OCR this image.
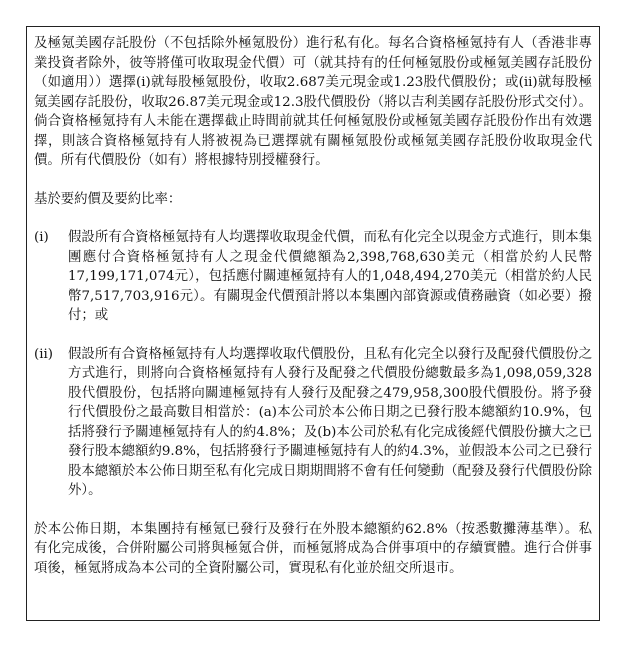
及極氪美國存託股份（不包括除外極氪股份）進行私有化。每名合資格極氪持有人（香港非專業投資者除外，彼等將僅可收取現金代價）可（就其持有的任何極氪股份或極氪美國存託股份（如適用））選擇(i)就每股極氪股份，收取2.687美元現金或1.23股代價股份；或(ii)就每股極氪美國存託股份，收取26.87美元現金或12.3股代價股份（將以吉利美國存託股份形式交付）。倘合資格極氪持有人未能在選擇截止時間前就其任何極氪股份或極氪美國存託股份作出有效選擇，則該合資格極氪持有人將被視為已選擇就有關極氪股份或極氪美國存託股份收取現金代價。所有代價股份（如有）將根據特別授權發行。

基於要約價及要約比率：

(i)	假設所有合資格極氪持有人均選擇收取現金代價，而私有化完全以現金方式進行，則本集團應付合資格極氪持有人之現金代價總額為2,398,768,630美元（相當於約人民幣17,199,171,074元），包括應付關連極氪持有人的1,048,494,270美元（相當於約人民幣7,517,703,916元）。有關現金代價預計將以本集團內部資源或債務融資（如必要）撥付；或
(ii)	假設所有合資格極氪持有人均選擇收取代價股份，且私有化完全以發行及配發代價股份之方式進行，則將向合資格極氪持有人發行及配發之代價股份總數最多為1,098,059,328股代價股份，包括將向關連極氪持有人發行及配發之479,958,300股代價股份。將予發行代價股份之最高數目相當於：(a)本公司於本公佈日期之已發行股本總額約10.9%，包括將發行予關連極氪持有人的約4.8%；及(b)本公司於私有化完成後經代價股份擴大之已發行股本總額約9.8%，包括將發行予關連極氪持有人的約4.3%，並假設本公司之已發行股本總額於本公佈日期至私有化完成日期期間將不會有任何變動（配發及發行代價股份除外）。

於本公佈日期，本集團持有極氪已發行及發行在外股本總額約62.8%（按悉數攤薄基準）。私有化完成後，合併附屬公司將與極氪合併，而極氪將成為合併事項中的存續實體。進行合併事項後，極氪將成為本公司的全資附屬公司，實現私有化並於紐交所退市。
